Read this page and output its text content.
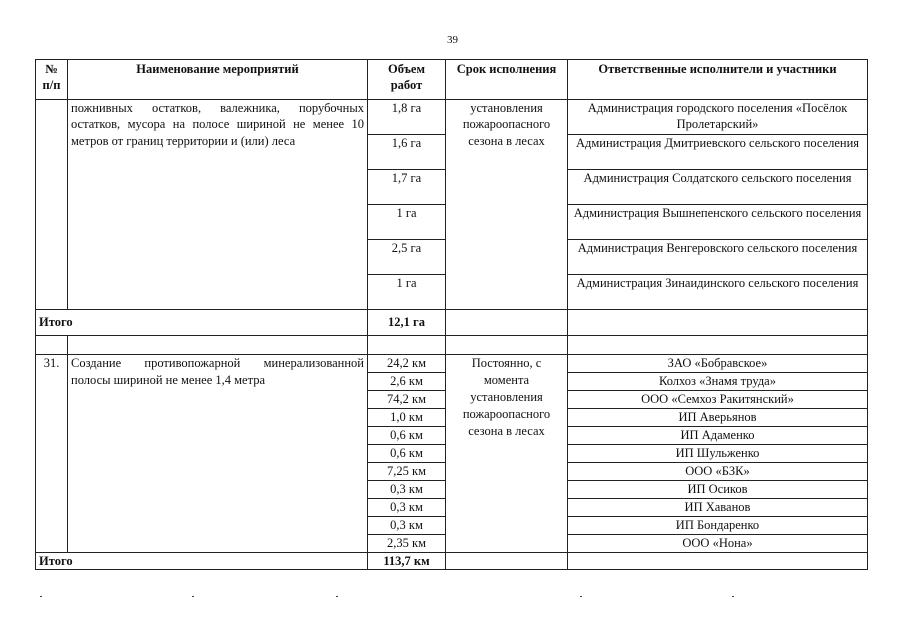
39
№ п/п	Наименование мероприятий	Объем работ	Срок исполнения	Ответственные исполнители и участники
	пожнивных остатков, валежника, порубочных остатков, мусора на полосе шириной не менее 10 метров от границ территории и (или) леса	1,8 га	установления пожароопасного сезона в лесах	Администрация городского поселения «Посёлок Пролетарский»
		1,6 га		Администрация Дмитриевского сельского поселения
		1,7 га		Администрация Солдатского сельского поселения
		1 га		Администрация Вышнепенского сельского поселения
		2,5 га		Администрация Венгеровского сельского поселения
		1 га		Администрация Зинаидинского сельского поселения
Итого		12,1 га		

31.	Создание противопожарной минерализованной полосы шириной не менее 1,4 метра	24,2 км	Постоянно, с момента установления пожароопасного сезона в лесах	ЗАО «Бобравское»
		2,6 км		Колхоз «Знамя труда»
		74,2 км		ООО «Семхоз Ракитянский»
		1,0 км		ИП Аверьянов
		0,6 км		ИП Адаменко
		0,6 км		ИП Шульженко
		7,25 км		ООО «БЗК»
		0,3 км		ИП Осиков
		0,3 км		ИП Хаванов
		0,3 км		ИП Бондаренко
		2,35 км		ООО «Нона»
Итого		113,7 км		
